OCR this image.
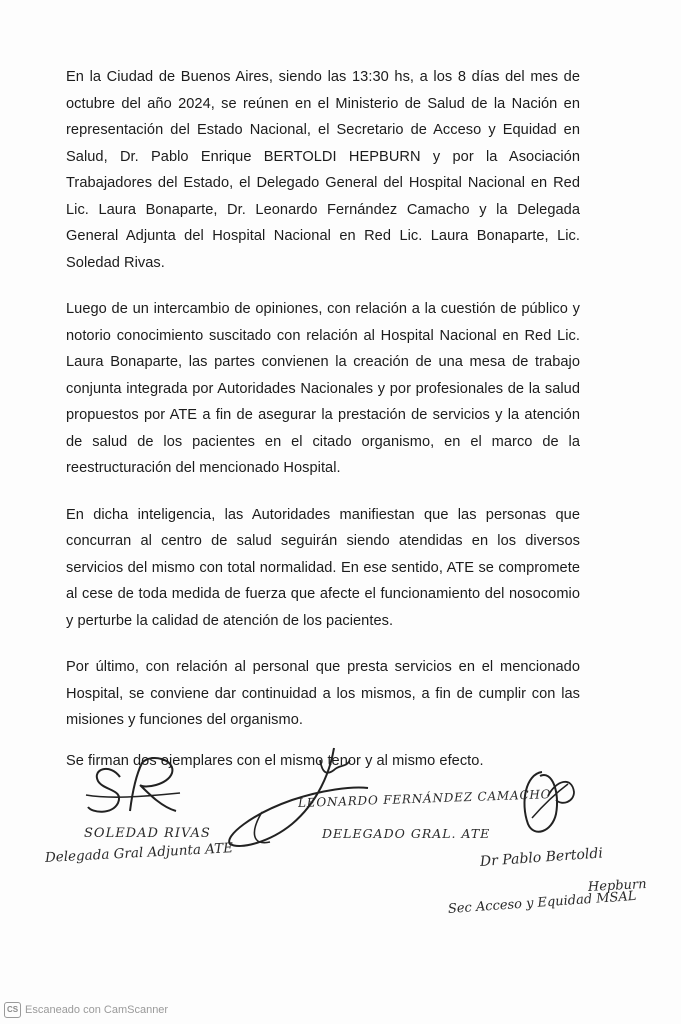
En la Ciudad de Buenos Aires, siendo las 13:30 hs, a los 8 días del mes de octubre del año 2024, se reúnen en el Ministerio de Salud de la Nación en representación del Estado Nacional, el Secretario de Acceso y Equidad en Salud, Dr. Pablo Enrique BERTOLDI HEPBURN y por la Asociación Trabajadores del Estado, el Delegado General del Hospital Nacional en Red Lic. Laura Bonaparte, Dr. Leonardo Fernández Camacho y la Delegada General Adjunta del Hospital Nacional en Red Lic. Laura Bonaparte, Lic. Soledad Rivas.

Luego de un intercambio de opiniones, con relación a la cuestión de público y notorio conocimiento suscitado con relación al Hospital Nacional en Red Lic. Laura Bonaparte, las partes convienen la creación de una mesa de trabajo conjunta integrada por Autoridades Nacionales y por profesionales de la salud propuestos por ATE a fin de asegurar la prestación de servicios y la atención de salud de los pacientes en el citado organismo, en el marco de la reestructuración del mencionado Hospital.

En dicha inteligencia, las Autoridades manifiestan que las personas que concurran al centro de salud seguirán siendo atendidas en los diversos servicios del mismo con total normalidad. En ese sentido, ATE se compromete al cese de toda medida de fuerza que afecte el funcionamiento del nosocomio y perturbe la calidad de atención de los pacientes.

Por último, con relación al personal que presta servicios en el mencionado Hospital, se conviene dar continuidad a los mismos, a fin de cumplir con las misiones y funciones del organismo.

Se firman dos ejemplares con el mismo tenor y al mismo efecto.

SOLEDAD RIVAS
Delegada Gral Adjunta ATE
LEONARDO FERNÁNDEZ CAMACHO
DELEGADO GRAL. ATE
Dr Pablo Bertoldi
Hepburn
Sec Acceso y Equidad MSAL
CS Escaneado con CamScanner
